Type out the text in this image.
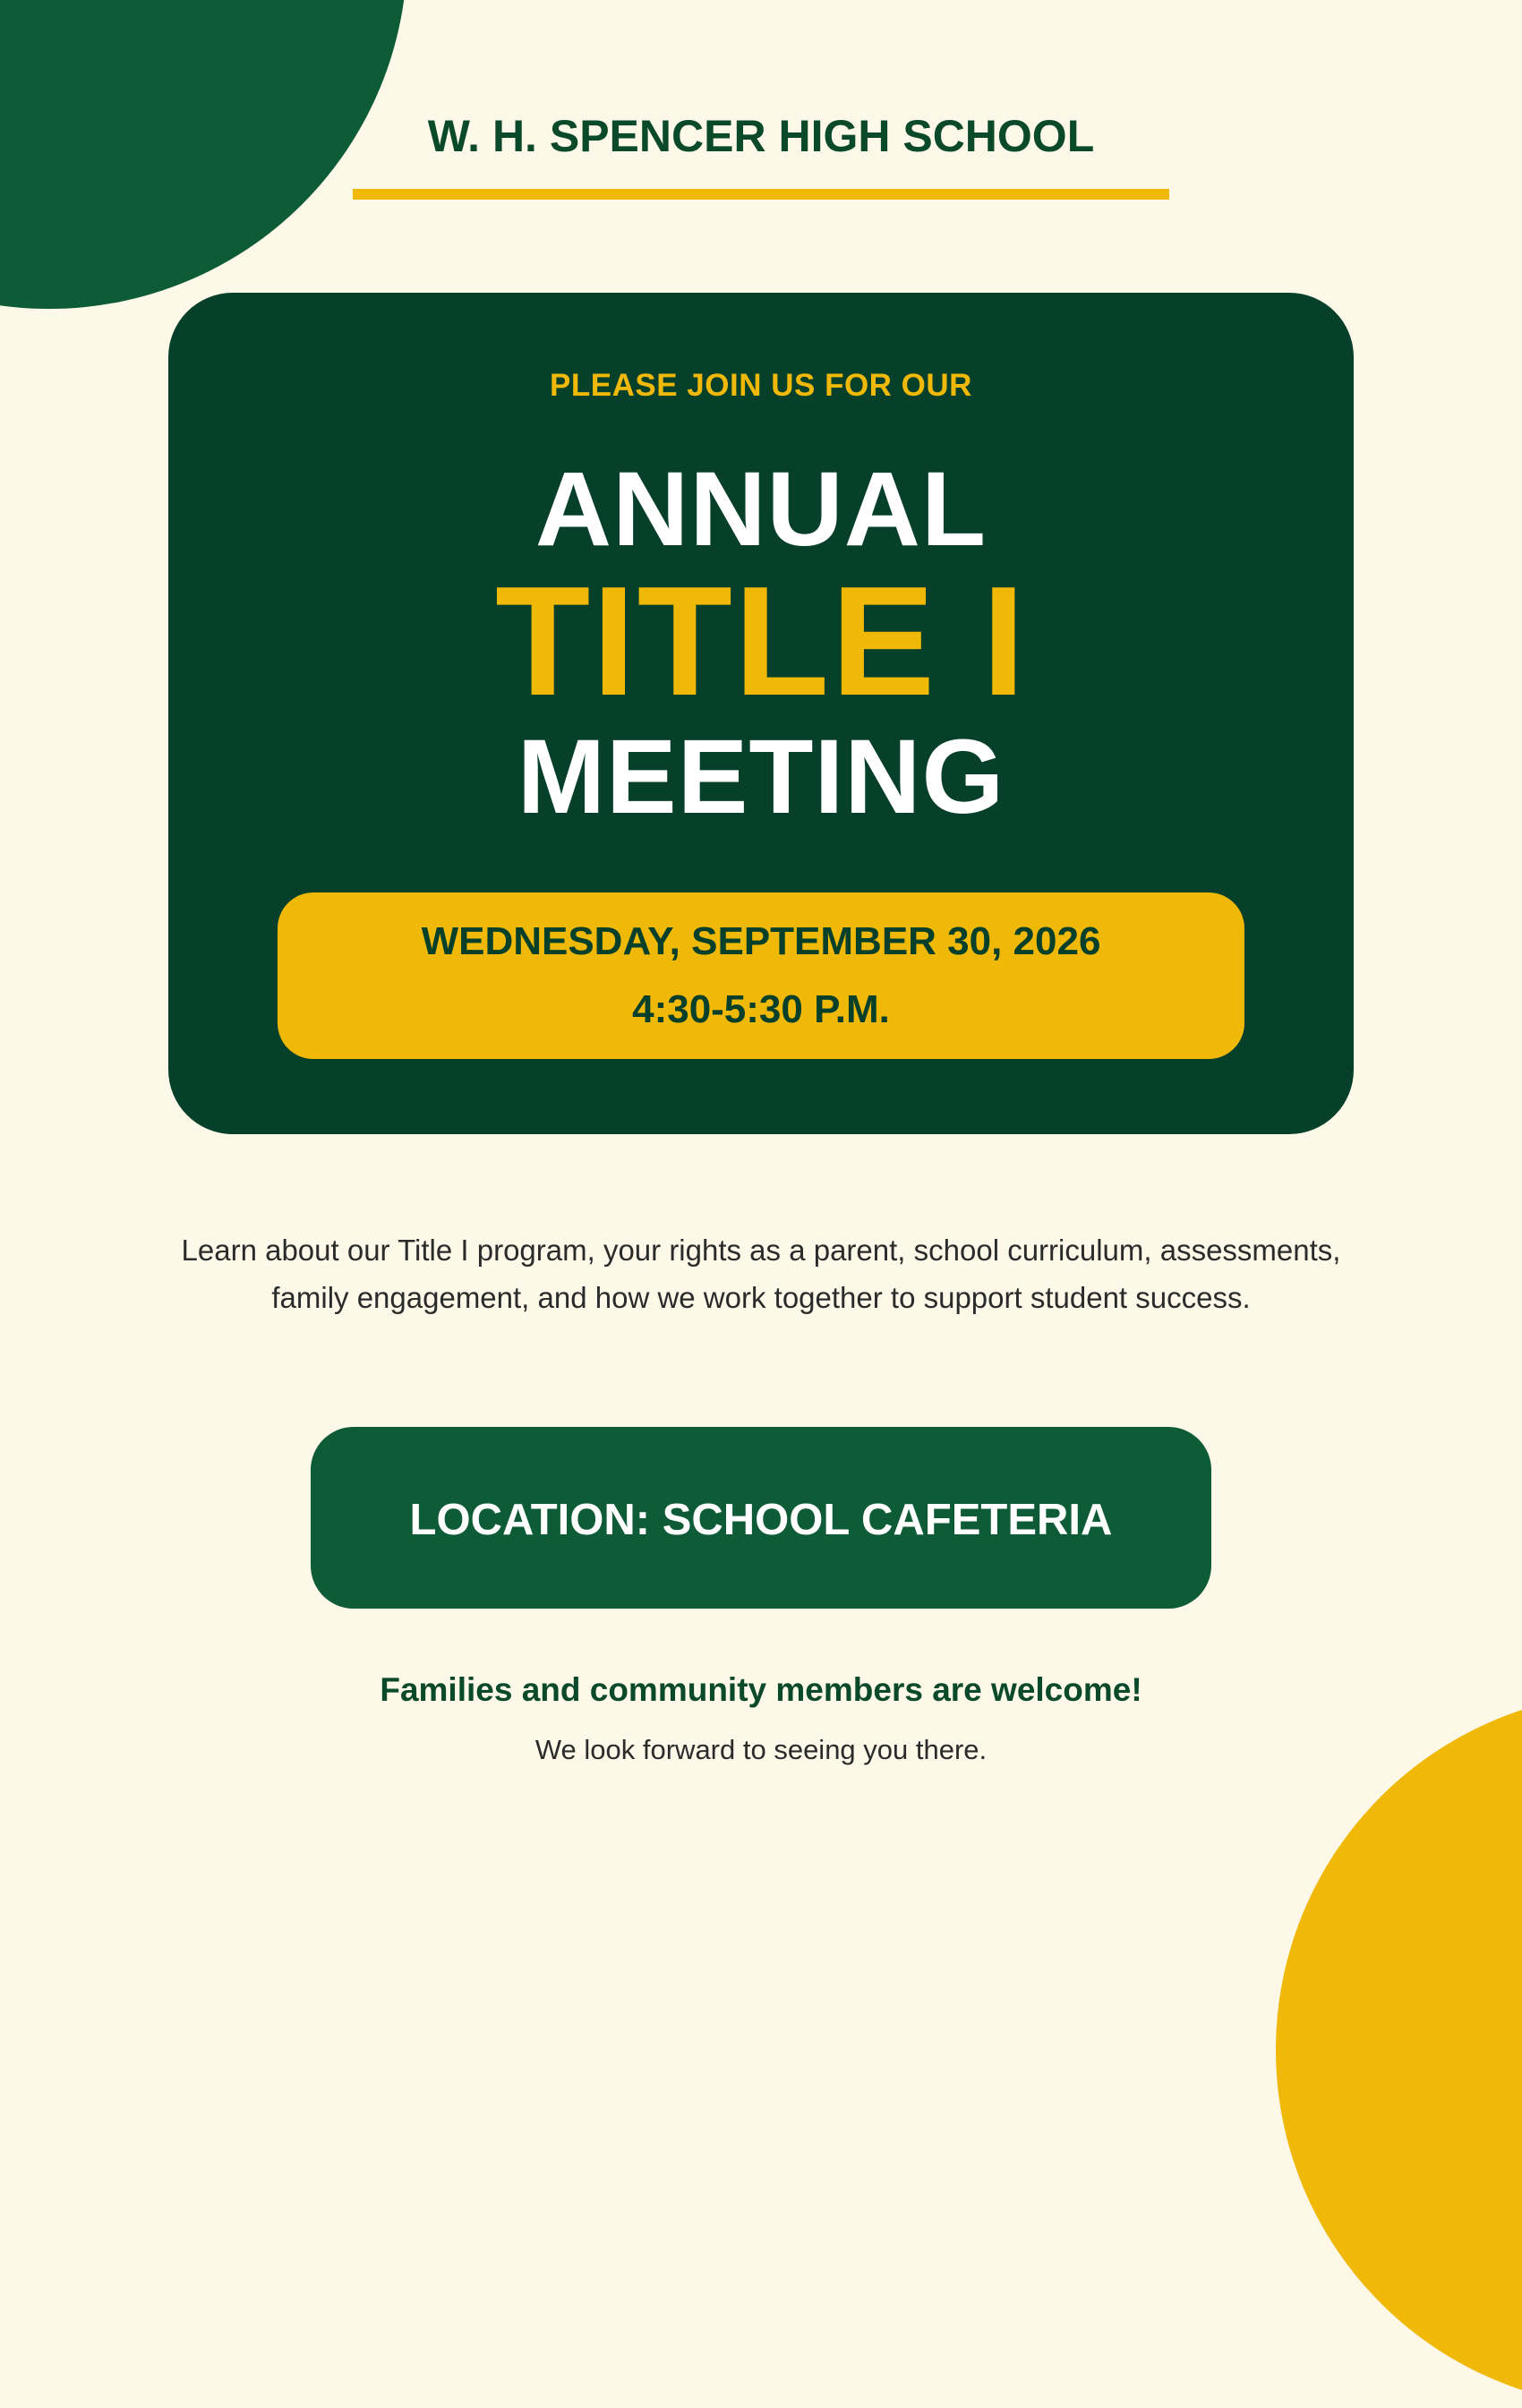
W. H. SPENCER HIGH SCHOOL
PLEASE JOIN US FOR OUR
ANNUAL
TITLE I
MEETING
WEDNESDAY, SEPTEMBER 30, 2026
4:30-5:30 P.M.
Learn about our Title I program, your rights as a parent, school curriculum, assessments, family engagement, and how we work together to support student success.
LOCATION: SCHOOL CAFETERIA
Families and community members are welcome!
We look forward to seeing you there.
